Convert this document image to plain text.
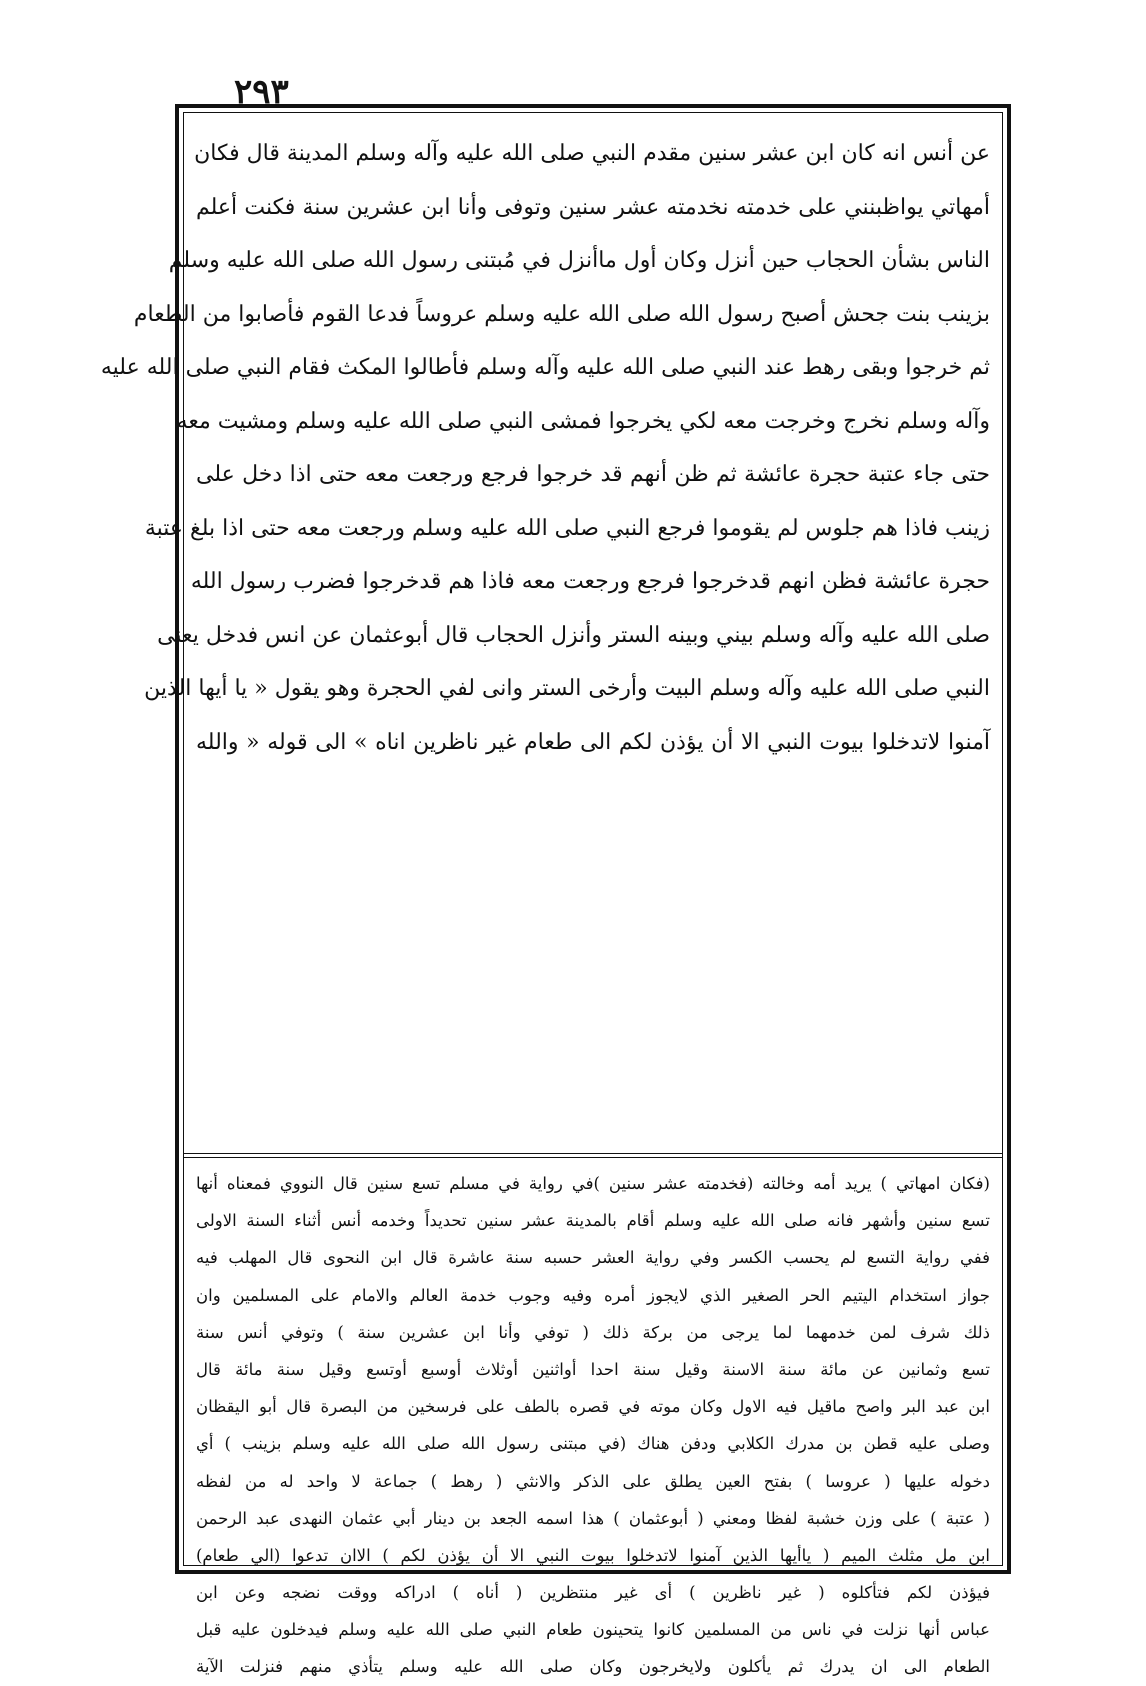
٢٩٣
عن أنس انه كان ابن عشر سنين مقدم النبي صلى الله عليه وآله وسلم المدينة قال فكان
أمهاتي يواظبنني على خدمته نخدمته عشر سنين وتوفى وأنا ابن عشرين سنة فكنت أعلم
الناس بشأن الحجاب حين أنزل وكان أول ماأنزل في مُبتنى رسول الله صلى الله عليه وسلم
بزينب بنت جحش أصبح رسول الله صلى الله عليه وسلم عروساً فدعا القوم فأصابوا من الطعام
ثم خرجوا وبقى رهط عند النبي صلى الله عليه وآله وسلم فأطالوا المكث فقام النبي صلى الله عليه
وآله وسلم نخرج وخرجت معه لكي يخرجوا فمشى النبي صلى الله عليه وسلم ومشيت معه
حتى جاء عتبة حجرة عائشة ثم ظن أنهم قد خرجوا فرجع ورجعت معه حتى اذا دخل على
زينب فاذا هم جلوس لم يقوموا فرجع النبي صلى الله عليه وسلم ورجعت معه حتى اذا بلغ عتبة
حجرة عائشة فظن انهم قدخرجوا فرجع ورجعت معه فاذا هم قدخرجوا فضرب رسول الله
صلى الله عليه وآله وسلم بيني وبينه الستر وأنزل الحجاب قال أبوعثمان عن انس فدخل يعنى
النبي صلى الله عليه وآله وسلم البيت وأرخى الستر وانى لفي الحجرة وهو يقول « يا أيها الذين
آمنوا لاتدخلوا بيوت النبي الا أن يؤذن لكم الى طعام غير ناظرين اناه » الى قوله « والله
(فكان امهاتي ) يريد أمه وخالته (فخدمته عشر سنين )في رواية في مسلم تسع سنين قال النووي فمعناه أنها
تسع سنين وأشهر فانه صلى الله عليه وسلم أقام بالمدينة عشر سنين تحديداً وخدمه أنس أثناء السنة الاولى
ففي رواية التسع لم يحسب الكسر وفي رواية العشر حسبه سنة عاشرة قال ابن النحوى قال المهلب فيه
جواز استخدام اليتيم الحر الصغير الذي لايجوز أمره وفيه وجوب خدمة العالم والامام على المسلمين وان
ذلك شرف لمن خدمهما لما يرجى من بركة ذلك ( توفي وأنا ابن عشرين سنة ) وتوفي أنس سنة
تسع وثمانين عن مائة سنة الاسنة وقيل سنة احدا أواثنين أوثلاث أوسبع أوتسع وقيل سنة مائة قال
ابن عبد البر واصح ماقيل فيه الاول وكان موته في قصره بالطف على فرسخين من البصرة قال أبو اليقظان
وصلى عليه قطن بن مدرك الكلابي ودفن هناك (في مبتنى رسول الله صلى الله عليه وسلم بزينب ) أي
دخوله عليها ( عروسا ) بفتح العين يطلق على الذكر والانثي ( رهط ) جماعة لا واحد له من لفظه
( عتبة ) على وزن خشبة لفظا ومعني ( أبوعثمان ) هذا اسمه الجعد بن دينار أبي عثمان النهدى عبد الرحمن
ابن مل مثلث الميم ( ياأيها الذين آمنوا لاتدخلوا بيوت النبي الا أن يؤذن لكم ) الاان تدعوا (الي طعام)
فيؤذن لكم فتأكلوه ( غير ناظرين ) أى غير منتظرين ( أناه ) ادراكه ووقت نضجه وعن ابن
عباس أنها نزلت في ناس من المسلمين كانوا يتحينون طعام النبي صلى الله عليه وسلم فيدخلون عليه قبل
الطعام الى ان يدرك ثم يأكلون ولايخرجون وكان صلى الله عليه وسلم يتأذي منهم فنزلت الآية
